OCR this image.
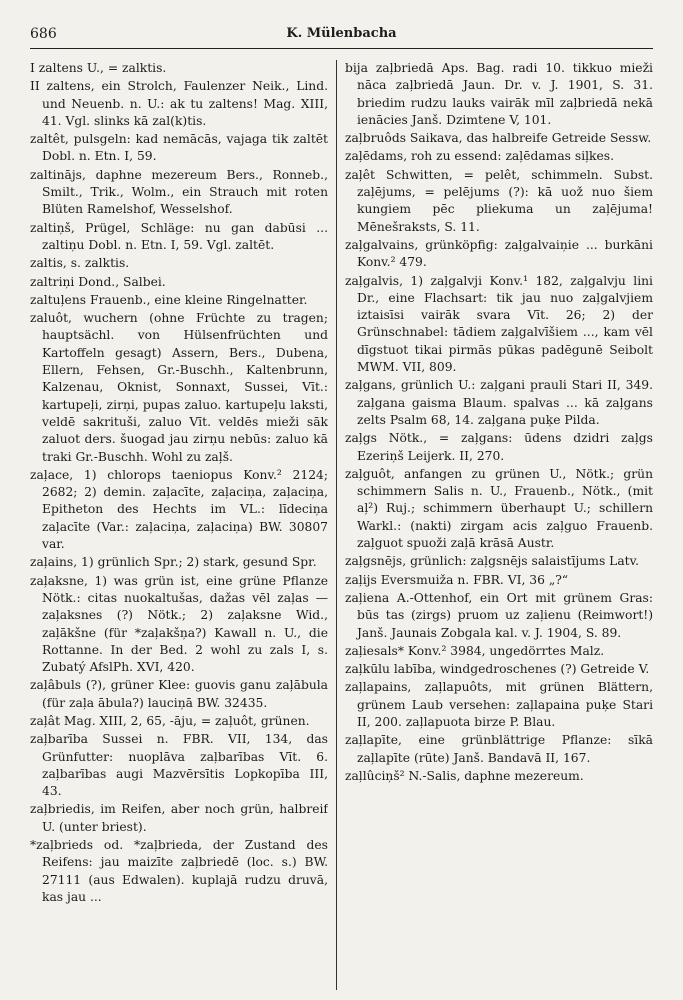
686	K. Mülenbacha

I zaltens U., = zalktis.

II zaltens, ein Strolch, Faulenzer Neik., Lind. und Neuenb. n. U.: ak tu zaltens! Mag. XIII, 41. Vgl. slinks kā zal(k)tis.

zaltêt, pulsgeln: kad nemācās, vajaga tik zaltēt Dobl. n. Etn. I, 59.

zaltinājs, daphne mezereum Bers., Ronneb., Smilt., Trik., Wolm., ein Strauch mit roten Blüten Ramelshof, Wesselshof.

zaltiņš, Prügel, Schläge: nu gan dabūsi ... zaltiņu Dobl. n. Etn. I, 59. Vgl. zaltēt.

zaltis, s. zalktis.

zaltriņi Dond., Salbei.

zaltuļens Frauenb., eine kleine Ringelnatter.

zaluôt, wuchern (ohne Früchte zu tragen; hauptsächl. von Hülsenfrüchten und Kartoffeln gesagt) Assern, Bers., Dubena, Ellern, Fehsen, Gr.-Buschh., Kaltenbrunn, Kalzenau, Oknist, Sonnaxt, Sussei, Vīt.: kartupeļi, zirņi, pupas zaluo. kartupeļu laksti, veldē sakrituši, zaluo Vīt. veldēs mieži sāk zaluot ders. šuogad jau zirņu nebūs: zaluo kā traki Gr.-Buschh. Wohl zu zaļš.

zaļace, 1) chlorops taeniopus Konv.² 2124; 2682; 2) demin. zaļacīte, zaļaciņa, zaļaciņa, Epitheton des Hechts im VL.: līdeciņa zaļacīte (Var.: zaļaciņa, zaļaciņa) BW. 30807 var.

zaļains, 1) grünlich Spr.; 2) stark, gesund Spr.

zaļaksne, 1) was grün ist, eine grüne Pflanze Nötk.: citas nuokaltušas, dažas vēl zaļas — zaļaksnes (?) Nötk.; 2) zaļaksne Wid., zaļākšne (für *zaļakšņa?) Kawall n. U., die Rottanne. In der Bed. 2 wohl zu zals I, s. Zubatý AfslPh. XVI, 420.

zaļâbuls (?), grüner Klee: guovis ganu zaļābula (für zaļa ābula?) lauciņā BW. 32435.

zaļât Mag. XIII, 2, 65, -āju, = zaļuôt, grünen.

zaļbarība Sussei n. FBR. VII, 134, das Grünfutter: nuoplāva zaļbarības Vīt. 6. zaļbarības augi Mazvērsītis Lopkopība III, 43.

zaļbriedis, im Reifen, aber noch grün, halbreif U. (unter briest).

*zaļbrieds od. *zaļbrieda, der Zustand des Reifens: jau maizīte zaļbriedē (loc. s.) BW. 27111 (aus Edwalen). kuplajā rudzu druvā, kas jau ...

bija zaļbriedā Aps. Bag. radi 10. tikkuo mieži nāca zaļbriedā Jaun. Dr. v. J. 1901, S. 31. briedim rudzu lauks vairāk mīl zaļbriedā nekā ienācies Janš. Dzimtene V, 101.

zaļbruôds Saikava, das halbreife Getreide Sessw.

zaļēdams, roh zu essend: zaļēdamas siļkes.

zaļêt Schwitten, = pelêt, schimmeln. Subst. zaļējums, = pelējums (?): kā uož nuo šiem kungiem pēc pliekuma un zaļējuma! Mēnešraksts, S. 11.

zaļgalvains, grünköpfig: zaļgalvaiņie ... burkāni Konv.² 479.

zaļgalvis, 1) zaļgalvji Konv.¹ 182, zaļgalvju lini Dr., eine Flachsart: tik jau nuo zaļgalvjiem iztaisīsi vairāk svara Vīt. 26; 2) der Grünschnabel: tādiem zaļgalvīšiem ..., kam vēl dīgstuot tikai pirmās pūkas padēgunē Seibolt MWM. VII, 809.

zaļgans, grünlich U.: zaļgani prauli Stari II, 349. zaļgana gaisma Blaum. spalvas ... kā zaļgans zelts Psalm 68, 14. zaļgana puķe Pilda.

zaļgs Nötk., = zaļgans: ūdens dzidri zaļgs Ezeriņš Leijerk. II, 270.

zaļguôt, anfangen zu grünen U., Nötk.; grün schimmern Salis n. U., Frauenb., Nötk., (mit aļ²) Ruj.; schimmern überhaupt U.; schillern Warkl.: (nakti) zirgam acis zaļguo Frauenb. zaļguot spuoži zaļā krāsā Austr.

zaļgsnējs, grünlich: zaļgsnējs salaistījums Latv.

zaļijs Eversmuiža n. FBR. VI, 36 „?“

zaļiena A.-Ottenhof, ein Ort mit grünem Gras: būs tas (zirgs) pruom uz zaļienu (Reimwort!) Janš. Jaunais Zobgala kal. v. J. 1904, S. 89.

zaļiesals* Konv.² 3984, ungedörrtes Malz.

zaļkūlu labība, windgedroschenes (?) Getreide V.

zaļlapains, zaļlapuôts, mit grünen Blättern, grünem Laub versehen: zaļlapaina puķe Stari II, 200. zaļlapuota birze P. Blau.

zaļlapīte, eine grünblättrige Pflanze: sīkā zaļlapīte (rūte) Janš. Bandavā II, 167.

zaļlûciņš² N.-Salis, daphne mezereum.
